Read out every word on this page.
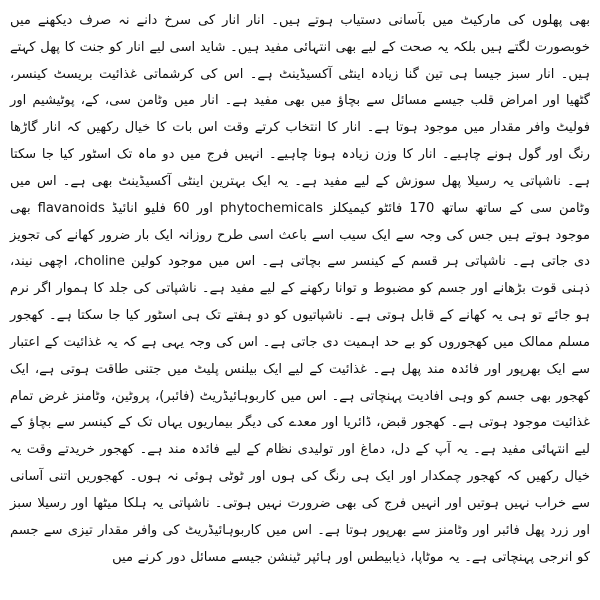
بھی پھلوں کی مارکیٹ میں بآسانی دستیاب ہوتے ہیں۔ انار انار کی سرخ دانے نہ صرف دیکھنے میں خوبصورت لگتے ہیں بلکہ یہ صحت کے لیے بھی انتہائی مفید ہیں۔ شاید اسی لیے انار کو جنت کا پھل کہتے ہیں۔ انار سبز جیسا ہی تین گنا زیادہ اینٹی آکسیڈینٹ ہے۔ اس کی کرشماتی غذائیت بریسٹ کینسر، گٹھیا اور امراض قلب جیسے مسائل سے بچاؤ میں بھی مفید ہے۔ انار میں وٹامن سی، کے، پوٹیشیم اور فولیٹ وافر مقدار میں موجود ہوتا ہے۔ انار کا انتخاب کرتے وقت اس بات کا خیال رکھیں کہ انار گاڑھا رنگ اور گول ہونے چاہیے۔ انار کا وزن زیادہ ہونا چاہیے۔ انہیں فرج میں دو ماہ تک اسٹور کیا جا سکتا ہے۔ ناشپاتی یہ رسیلا پھل سوزش کے لیے مفید ہے۔ یہ ایک بہترین اینٹی آکسیڈینٹ بھی ہے۔ اس میں وٹامن سی کے ساتھ ساتھ 170 فائٹو کیمیکلز phytochemicals اور 60 فلیو انائیڈ flavanoids بھی موجود ہوتے ہیں جس کی وجہ سے ایک سیب اسے باعث اسی طرح روزانہ ایک بار ضرور کھانے کی تجویز دی جاتی ہے۔ ناشپاتی ہر قسم کے کینسر سے بچاتی ہے۔ اس میں موجود کولین choline، اچھی نیند، ذہنی قوت بڑھانے اور جسم کو مضبوط و توانا رکھنے کے لیے مفید ہے۔ ناشپاتی کی جلد کا ہموار اگر نرم ہو جائے تو ہی یہ کھانے کے قابل ہوتی ہے۔ ناشپاتیوں کو دو ہفتے تک ہی اسٹور کیا جا سکتا ہے۔ کھجور مسلم ممالک میں کھجوروں کو بے حد اہمیت دی جاتی ہے۔ اس کی وجہ یہی ہے کہ یہ غذائیت کے اعتبار سے ایک بھرپور اور فائدہ مند پھل ہے۔ غذائیت کے لیے ایک بیلنس پلیٹ میں جتنی طاقت ہوتی ہے، ایک کھجور بھی جسم کو وہی افادیت پہنچاتی ہے۔ اس میں کاربوہائیڈریٹ (فائبر)، پروٹین، وٹامنز غرض تمام غذائیت موجود ہوتی ہے۔ کھجور قبض، ڈائریا اور معدے کی دیگر بیماریوں یہاں تک کے کینسر سے بچاؤ کے لیے انتہائی مفید ہے۔ یہ آپ کے دل، دماغ اور تولیدی نظام کے لیے فائدہ مند ہے۔ کھجور خریدتے وقت یہ خیال رکھیں کہ کھجور چمکدار اور ایک ہی رنگ کی ہوں اور ٹوٹی ہوئی نہ ہوں۔ کھجوریں اتنی آسانی سے خراب نہیں ہوتیں اور انہیں فرج کی بھی ضرورت نہیں ہوتی۔ ناشپاتی یہ ہلکا میٹھا اور رسیلا سبز اور زرد پھل فائبر اور وٹامنز سے بھرپور ہوتا ہے۔ اس میں کاربوہائیڈریٹ کی وافر مقدار تیزی سے جسم کو انرجی پہنچاتی ہے۔ یہ موٹاپا، ذیابیطس اور ہائپر ٹینشن جیسے مسائل دور کرنے میں
